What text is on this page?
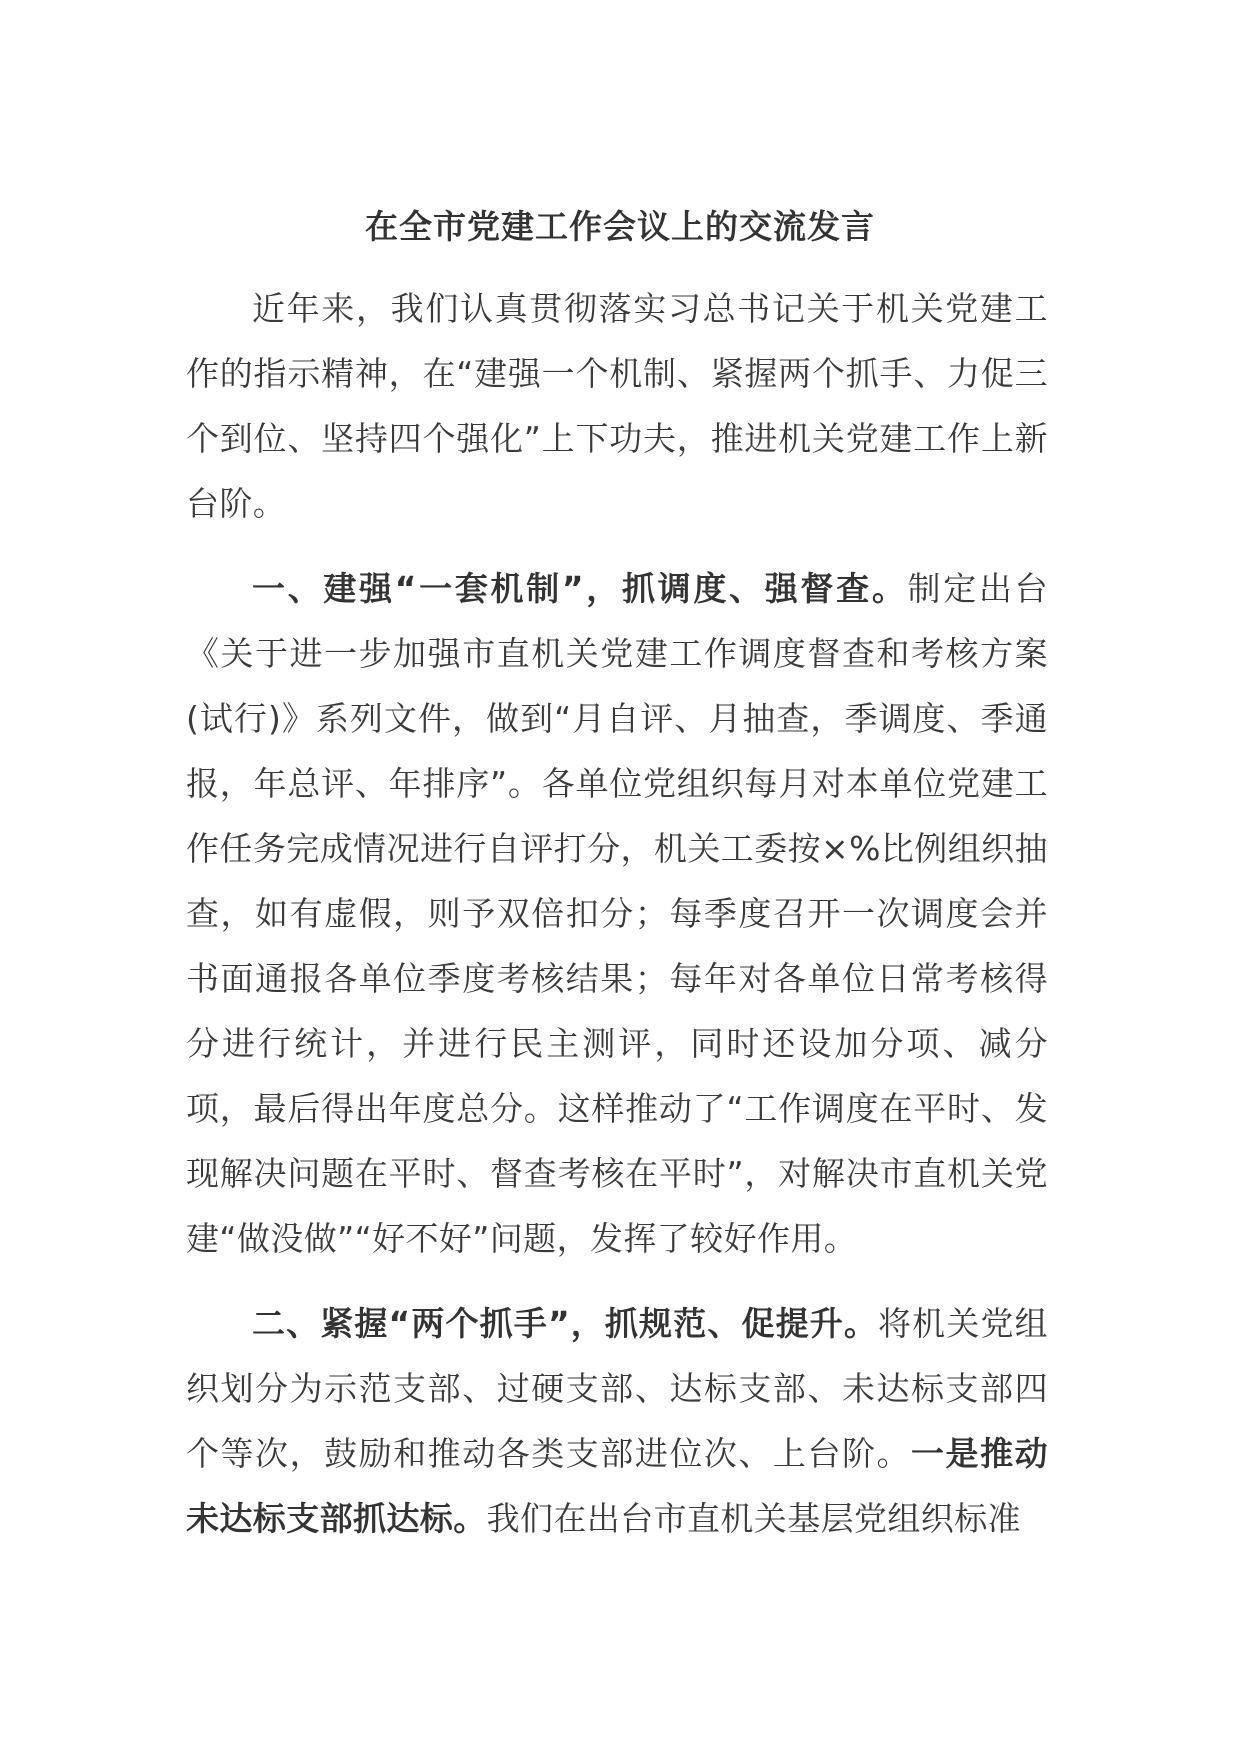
在全市党建工作会议上的交流发言

近年来，我们认真贯彻落实习总书记关于机关党建工作的指示精神，在“建强一个机制、紧握两个抓手、力促三个到位、坚持四个强化”上下功夫，推进机关党建工作上新台阶。

一、建强“一套机制”，抓调度、强督查。制定出台《关于进一步加强市直机关党建工作调度督查和考核方案(试行)》系列文件，做到“月自评、月抽查，季调度、季通报，年总评、年排序”。各单位党组织每月对本单位党建工作任务完成情况进行自评打分，机关工委按×%比例组织抽查，如有虚假，则予双倍扣分；每季度召开一次调度会并书面通报各单位季度考核结果；每年对各单位日常考核得分进行统计，并进行民主测评，同时还设加分项、减分项，最后得出年度总分。这样推动了“工作调度在平时、发现解决问题在平时、督查考核在平时”，对解决市直机关党建“做没做”“好不好”问题，发挥了较好作用。

二、紧握“两个抓手”，抓规范、促提升。将机关党组织划分为示范支部、过硬支部、达标支部、未达标支部四个等次，鼓励和推动各类支部进位次、上台阶。一是推动未达标支部抓达标。我们在出台市直机关基层党组织标准
